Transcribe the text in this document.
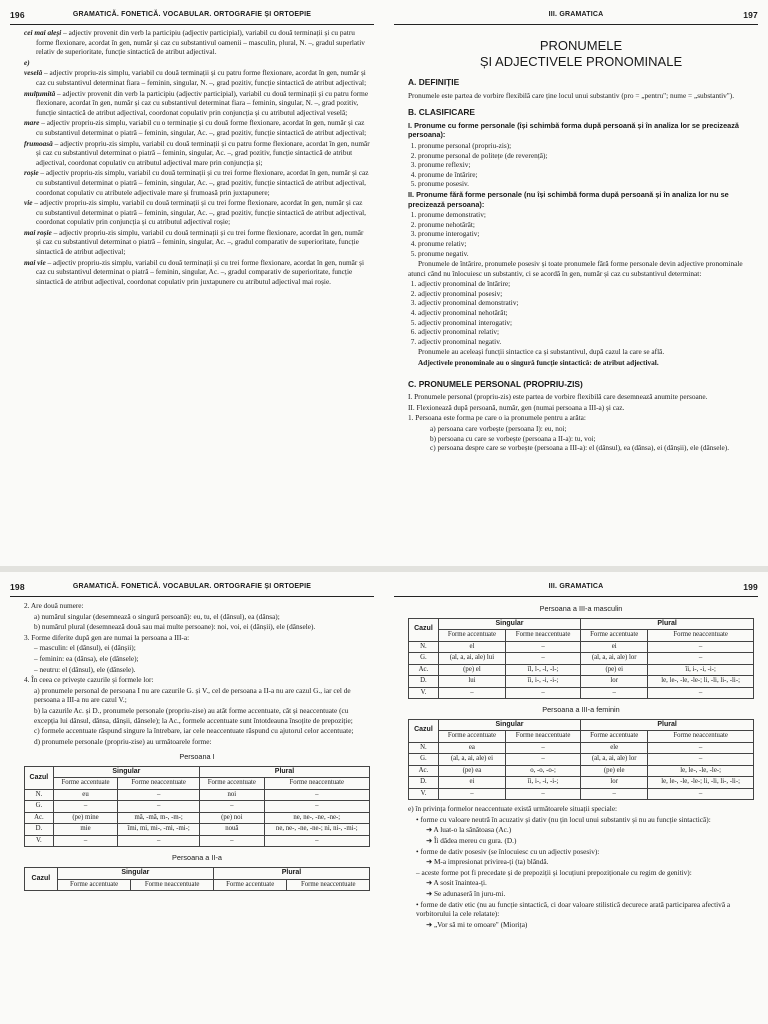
196	GRAMATICĂ. FONETICĂ. VOCABULAR. ORTOGRAFIE ȘI ORTOEPIE
cei mai aleși – adjectiv provenit din verb la participiu (adjectiv participial), variabil cu două terminații și cu patru forme flexionare, acordat în gen, număr și caz cu substantivul oamenii – masculin, plural, N. –, gradul superlativ relativ de superioritate, funcție sintactică de atribut adjectival.
e)
veselă – adjectiv propriu-zis simplu, variabil cu două terminații și cu patru forme flexionare, acordat în gen, număr și caz cu substantivul determinat fiara – feminin, singular, N. –, grad pozitiv, funcție sintactică de atribut adjectival;
mulțumită – adjectiv provenit din verb la participiu (adjectiv participial), variabil cu două terminații și cu patru forme flexionare, acordat în gen, număr și caz cu substantivul determinat fiara – feminin, singular, N. –, grad pozitiv, funcție sintactică de atribut adjectival, coordonat copulativ prin conjuncția și cu atributul adjectival veselă;
mare – adjectiv propriu-zis simplu, variabil cu o terminație și cu două forme flexionare, acordat în gen, număr și caz cu substantivul determinat o piatră – feminin, singular, Ac. –, grad pozitiv, funcție sintactică de atribut adjectival;
frumoasă – adjectiv propriu-zis simplu, variabil cu două terminații și cu patru forme flexionare, acordat în gen, număr și caz cu substantivul determinat o piatră – feminin, singular, Ac. –, grad pozitiv, funcție sintactică de atribut adjectival, coordonat copulativ cu atributul adjectival mare prin conjuncția și;
roșie – adjectiv propriu-zis simplu, variabil cu două terminații și cu trei forme flexionare, acordat în gen, număr și caz cu substantivul determinat o piatră – feminin, singular, Ac. –, grad pozitiv, funcție sintactică de atribut adjectival, coordonat copulativ cu atributele adjectivale mare și frumoasă prin juxtapunere;
vie – adjectiv propriu-zis simplu, variabil cu două terminații și cu trei forme flexionare, acordat în gen, număr și caz cu substantivul determinat o piatră – feminin, singular, Ac. –, grad pozitiv, funcție sintactică de atribut adjectival, coordonat copulativ prin conjuncția și cu atributul adjectival roșie;
mai roșie – adjectiv propriu-zis simplu, variabil cu două terminații și cu trei forme flexionare, acordat în gen, număr și caz cu substantivul determinat o piatră – feminin, singular, Ac. –, gradul comparativ de superioritate, funcție sintactică de atribut adjectival;
mai vie – adjectiv propriu-zis simplu, variabil cu două terminații și cu trei forme flexionare, acordat în gen, număr și caz cu substantivul determinat o piatră – feminin, singular, Ac. –, gradul comparativ de superioritate, funcție sintactică de atribut adjectival, coordonat copulativ prin juxtapunere cu atributul adjectival mai roșie.
III. GRAMATICA	197
PRONUMELE
ȘI ADJECTIVELE PRONOMINALE
A. DEFINIȚIE
Pronumele este partea de vorbire flexibilă care ține locul unui substantiv (pro = „pentru"; nume = „substantiv").
B. CLASIFICARE
I. Pronume cu forme personale (își schimbă forma după persoană și în analiza lor se precizează persoana):
1. pronume personal (propriu-zis);
2. pronume personal de politețe (de reverență);
3. pronume reflexiv;
4. pronume de întărire;
5. pronume posesiv.
II. Pronume fără forme personale (nu își schimbă forma după persoană și în analiza lor nu se precizează persoana):
1. pronume demonstrativ;
2. pronume nehotărât;
3. pronume interogativ;
4. pronume relativ;
5. pronume negativ.
Pronumele de întărire, pronumele posesiv și toate pronumele fără forme personale devin adjective pronominale atunci când nu înlocuiesc un substantiv, ci se acordă în gen, număr și caz cu substantivul determinat:
1. adjectiv pronominal de întărire;
2. adjectiv pronominal posesiv;
3. adjectiv pronominal demonstrativ;
4. adjectiv pronominal nehotărât;
5. adjectiv pronominal interogativ;
6. adjectiv pronominal relativ;
7. adjectiv pronominal negativ.
Pronumele au aceleași funcții sintactice ca și substantivul, după cazul la care se află.
Adjectivele pronominale au o singură funcție sintactică: de atribut adjectival.
C. PRONUMELE PERSONAL (PROPRIU-ZIS)
I. Pronumele personal (propriu-zis) este partea de vorbire flexibilă care desemnează anumite persoane.
II. Flexionează după persoană, număr, gen (numai persoana a III-a) și caz.
1. Persoana este forma pe care o ia pronumele pentru a arăta:
a) persoana care vorbește (persoana I): eu, noi;
b) persoana cu care se vorbește (persoana a II-a): tu, voi;
c) persoana despre care se vorbește (persoana a III-a): el (dânsul), ea (dânsa), ei (dânșii), ele (dânsele).
198	GRAMATICĂ. FONETICĂ. VOCABULAR. ORTOGRAFIE ȘI ORTOEPIE
2. Are două numere:
a) numărul singular (desemnează o singură persoană): eu, tu, el (dânsul), ea (dânsa);
b) numărul plural (desemnează două sau mai multe persoane): noi, voi, ei (dânșii), ele (dânsele).
3. Forme diferite după gen are numai la persoana a III-a:
– masculin: el (dânsul), ei (dânșii);
– feminin: ea (dânsa), ele (dânsele);
– neutru: el (dânsul), ele (dânsele).
4. În ceea ce privește cazurile și formele lor:
a) pronumele personal de persoana I nu are cazurile G. și V., cel de persoana a II-a nu are cazul G., iar cel de persoana a III-a nu are cazul V.;
b) la cazurile Ac. și D., pronumele personale (propriu-zise) au atât forme accentuate, cât și neaccentuate (cu excepția lui dânsul, dânsa, dânșii, dânsele); la Ac., formele accentuate sunt întotdeauna însoțite de prepoziție;
c) formele accentuate răspund singure la întrebare, iar cele neaccentuate răspund cu ajutorul celor accentuate;
d) pronumele personale (propriu-zise) au următoarele forme:
Persoana I
Cazul	Singular		Plural	
	Forme accentuate	Forme neaccentuate	Forme accentuate	Forme neaccentuate
N.	eu	–	noi	–
G.	–	–	–	–
Ac.	(pe) mine	mă, -mă, m-, -m-;	(pe) noi	ne, ne-, -ne, -ne-;
D.	mie	îmi, mi, mi-, -mi, -mi-;	nouă	ne, ne-, -ne, -ne-; ni, ni-, -mi-;
V.	–	–	–	–
Persoana a II-a
Cazul	Singular		Plural	
	Forme accentuate	Forme neaccentuate	Forme accentuate	Forme neaccentuate
III. GRAMATICA	199
Persoana a III-a masculin
Cazul	Singular		Plural	
	Forme accentuate	Forme neaccentuate	Forme accentuate	Forme neaccentuate
N.	el	–	ei	–
G.	(al, a, ai, ale) lui	–	(al, a, ai, ale) lor	–
Ac.	(pe) el	îl, l-, -l, -l-;	(pe) ei	îi, i-, -i, -i-;
D.	lui	îi, i-, -i, -i-;	lor	le, le-, -le, -le-; li, -li, li-, -li-;
V.	–	–	–	–
Persoana a III-a feminin
Cazul	Singular		Plural	
	Forme accentuate	Forme neaccentuate	Forme accentuate	Forme neaccentuate
N.	ea	–	ele	–
G.	(al, a, ai, ale) ei	–	(al, a, ai, ale) lor	–
Ac.	(pe) ea	o, -o, -o-;	(pe) ele	le, le-, -le, -le-;
D.	ei	îi, i-, -i, -i-;	lor	le, le-, -le, -le-; li, -li, li-, -li-;
V.	–	–	–	–
e) în privința formelor neaccentuate există următoarele situații speciale:
• forme cu valoare neutră în acuzativ și dativ (nu țin locul unui substantiv și nu au funcție sintactică):
➜ A luat-o la sănătoasa (Ac.)
➜ Îi dădea mereu cu gura. (D.)
• forme de dativ posesiv (se înlocuiesc cu un adjectiv posesiv):
➜ M-a impresionat privirea-ți (ta) blândă.
– aceste forme pot fi precedate și de prepoziții și locuțiuni prepoziționale cu regim de genitiv):
➜ A sosit înaintea-ți.
➜ Se adunaseră în juru-mi.
• forme de dativ etic (nu au funcție sintactică, ci doar valoare stilistică decurece arată participarea afectivă a vorbitorului la cele relatate):
➜ „Vor să mi te omoare" (Miorița)
